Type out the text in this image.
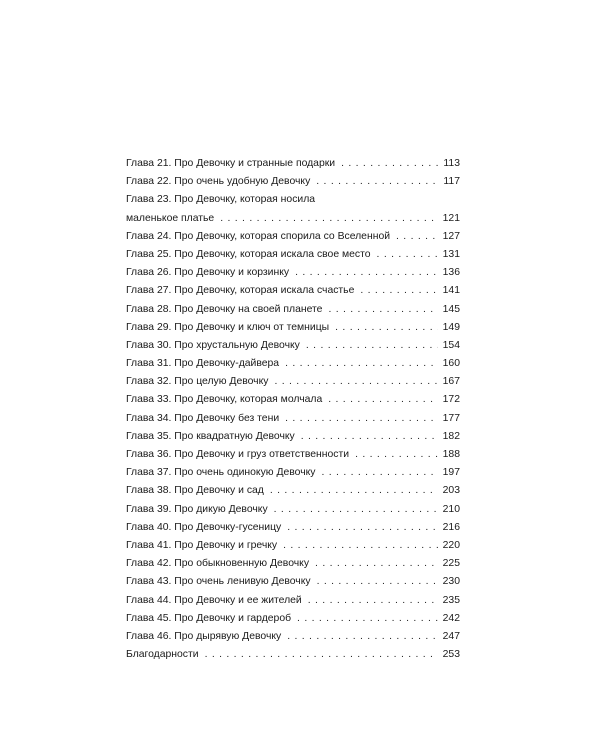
Глава 21. Про Девочку и странные подарки . . .	113
Глава 22. Про очень удобную Девочку . . .	117
Глава 23. Про Девочку, которая носила
маленькое платье . . .	121
Глава 24. Про Девочку, которая спорила со Вселенной . . .	127
Глава 25. Про Девочку, которая искала свое место . . .	131
Глава 26. Про Девочку и корзинку . . .	136
Глава 27. Про Девочку, которая искала счастье . . .	141
Глава 28. Про Девочку на своей планете . . .	145
Глава 29. Про Девочку и ключ от темницы . . .	149
Глава 30. Про хрустальную Девочку . . .	154
Глава 31. Про Девочку-дайвера . . .	160
Глава 32. Про целую Девочку . . .	167
Глава 33. Про Девочку, которая молчала . . .	172
Глава 34. Про Девочку без тени . . .	177
Глава 35. Про квадратную Девочку . . .	182
Глава 36. Про Девочку и груз ответственности . . .	188
Глава 37. Про очень одинокую Девочку . . .	197
Глава 38. Про Девочку и сад . . .	203
Глава 39. Про дикую Девочку . . .	210
Глава 40. Про Девочку-гусеницу . . .	216
Глава 41. Про Девочку и гречку . . .	220
Глава 42. Про обыкновенную Девочку . . .	225
Глава 43. Про очень ленивую Девочку . . .	230
Глава 44. Про Девочку и ее жителей . . .	235
Глава 45. Про Девочку и гардероб . . .	242
Глава 46. Про дырявую Девочку . . .	247
Благодарности . . .	253
